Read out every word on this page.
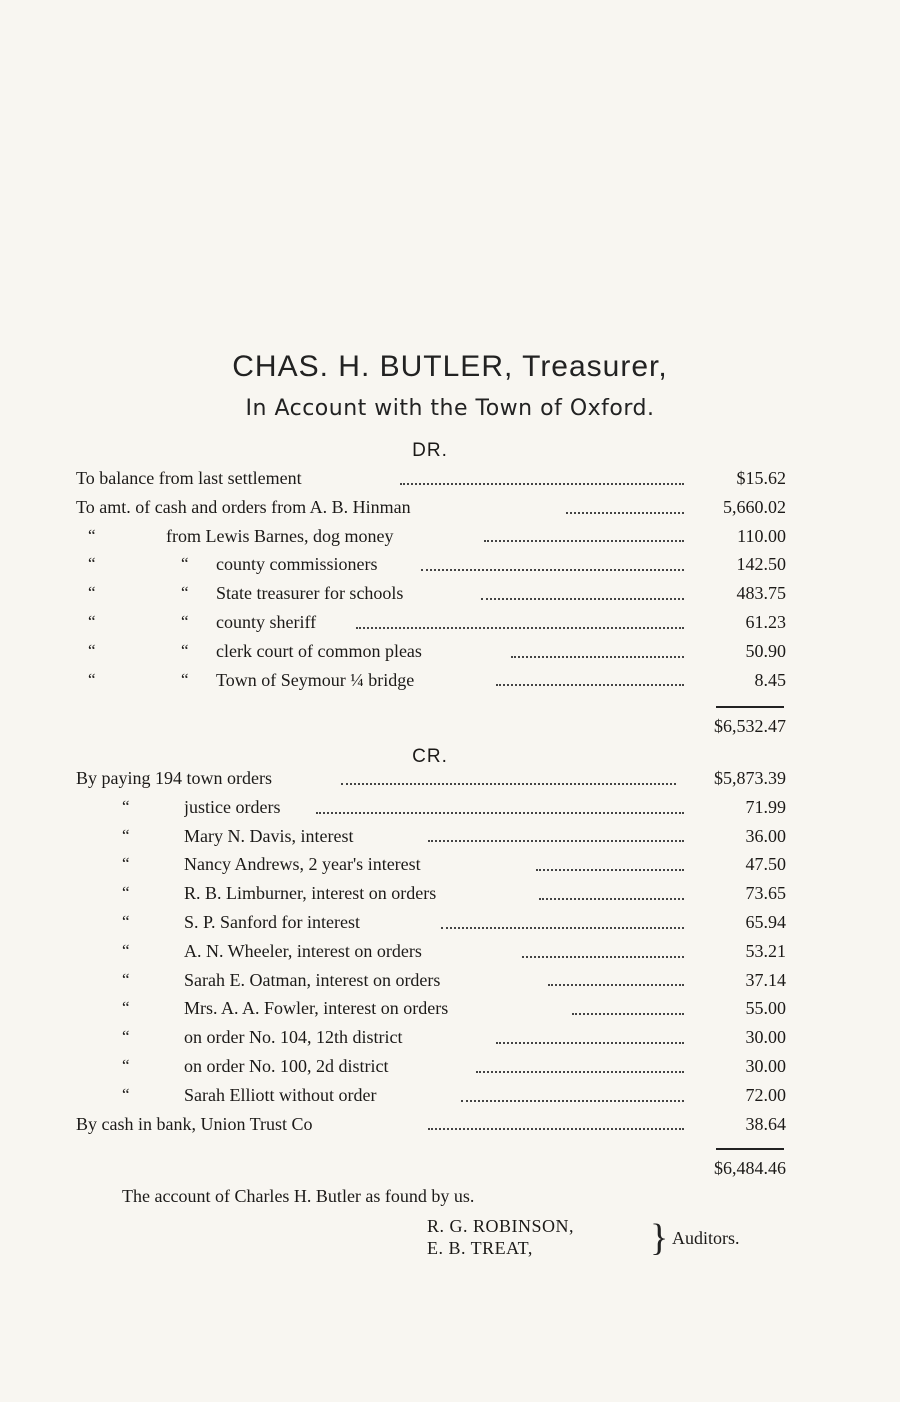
CHAS. H. BUTLER, Treasurer,
In Account with the Town of Oxford.
DR.
To balance from last settlement	$15.62
To amt. of cash and orders from A. B. Hinman	5,660.02
“	from Lewis Barnes, dog money	110.00
“	“ county commissioners	142.50
“	“ State treasurer for schools	483.75
“	“ county sheriff	61.23
“	“ clerk court of common pleas	50.90
“	“ Town of Seymour ¼ bridge	8.45
$6,532.47
CR.
By paying 194 town orders	$5,873.39
“	justice orders	71.99
“	Mary N. Davis, interest	36.00
“	Nancy Andrews, 2 year's interest	47.50
“	R. B. Limburner, interest on orders	73.65
“	S. P. Sanford for interest	65.94
“	A. N. Wheeler, interest on orders	53.21
“	Sarah E. Oatman, interest on orders	37.14
“	Mrs. A. A. Fowler, interest on orders	55.00
“	on order No. 104, 12th district	30.00
“	on order No. 100, 2d district	30.00
“	Sarah Elliott without order	72.00
By cash in bank, Union Trust Co	38.64
$6,484.46
The account of Charles H. Butler as found by us.
R. G. ROBINSON,
E. B. TREAT,	} Auditors.
